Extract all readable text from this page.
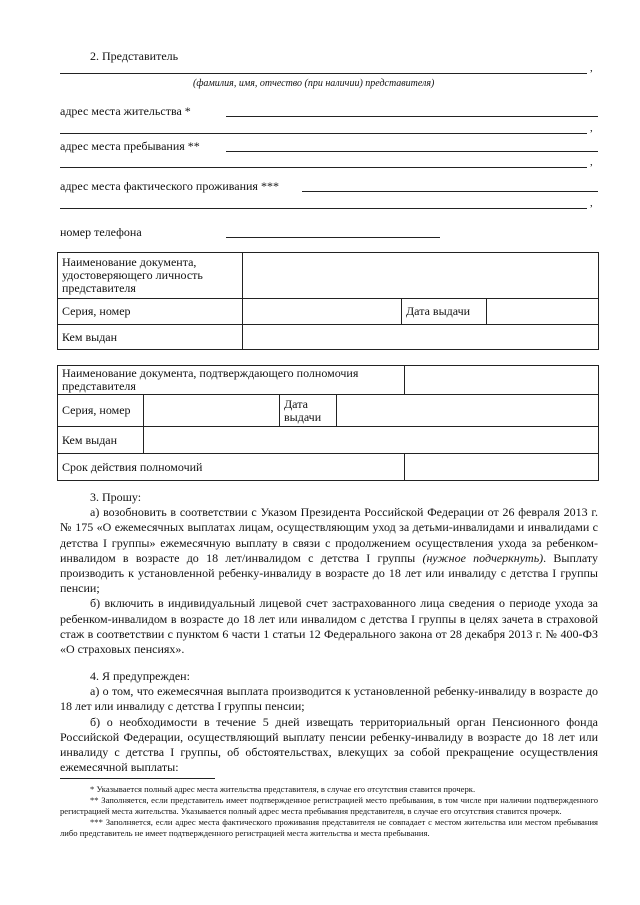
2. Представитель
,
(фамилия, имя, отчество (при наличии) представителя)
адрес места жительства *
,
адрес места пребывания **
,
адрес места фактического проживания ***
,
номер телефона
Наименование документа, удостоверяющего личность представителя			
Серия, номер		Дата выдачи	
Кем выдан			
Наименование документа, подтверждающего полномочия представителя				
Серия, номер		Дата выдачи		
Кем выдан				
Срок действия полномочий				

3. Прошу:

а) возобновить в соответствии с Указом Президента Российской Федерации от 26 февраля 2013 г. № 175 «О ежемесячных выплатах лицам, осуществляющим уход за детьми-инвалидами и инвалидами с детства I группы» ежемесячную выплату в связи с продолжением осуществления ухода за ребенком-инвалидом в возрасте до 18 лет/инвалидом с детства I группы (нужное подчеркнуть). Выплату производить к установленной ребенку-инвалиду в возрасте до 18 лет или инвалиду с детства I группы пенсии;

б) включить в индивидуальный лицевой счет застрахованного лица сведения о периоде ухода за ребенком-инвалидом в возрасте до 18 лет или инвалидом с детства I группы в целях зачета в страховой стаж в соответствии с пунктом 6 части 1 статьи 12 Федерального закона от 28 декабря 2013 г. № 400-ФЗ «О страховых пенсиях».

4. Я предупрежден:

а) о том, что ежемесячная выплата производится к установленной ребенку-инвалиду в возрасте до 18 лет или инвалиду с детства I группы пенсии;

б) о необходимости в течение 5 дней извещать территориальный орган Пенсионного фонда Российской Федерации, осуществляющий выплату пенсии ребенку-инвалиду в возрасте до 18 лет или инвалиду с детства I группы, об обстоятельствах, влекущих за собой прекращение осуществления ежемесячной выплаты:

* Указывается полный адрес места жительства представителя, в случае его отсутствия ставится прочерк.

** Заполняется, если представитель имеет подтвержденное регистрацией место пребывания, в том числе при наличии подтвержденного регистрацией места жительства. Указывается полный адрес места пребывания представителя, в случае его отсутствия ставится прочерк.

*** Заполняется, если адрес места фактического проживания представителя не совпадает с местом жительства или местом пребывания либо представитель не имеет подтвержденного регистрацией места жительства и места пребывания.
